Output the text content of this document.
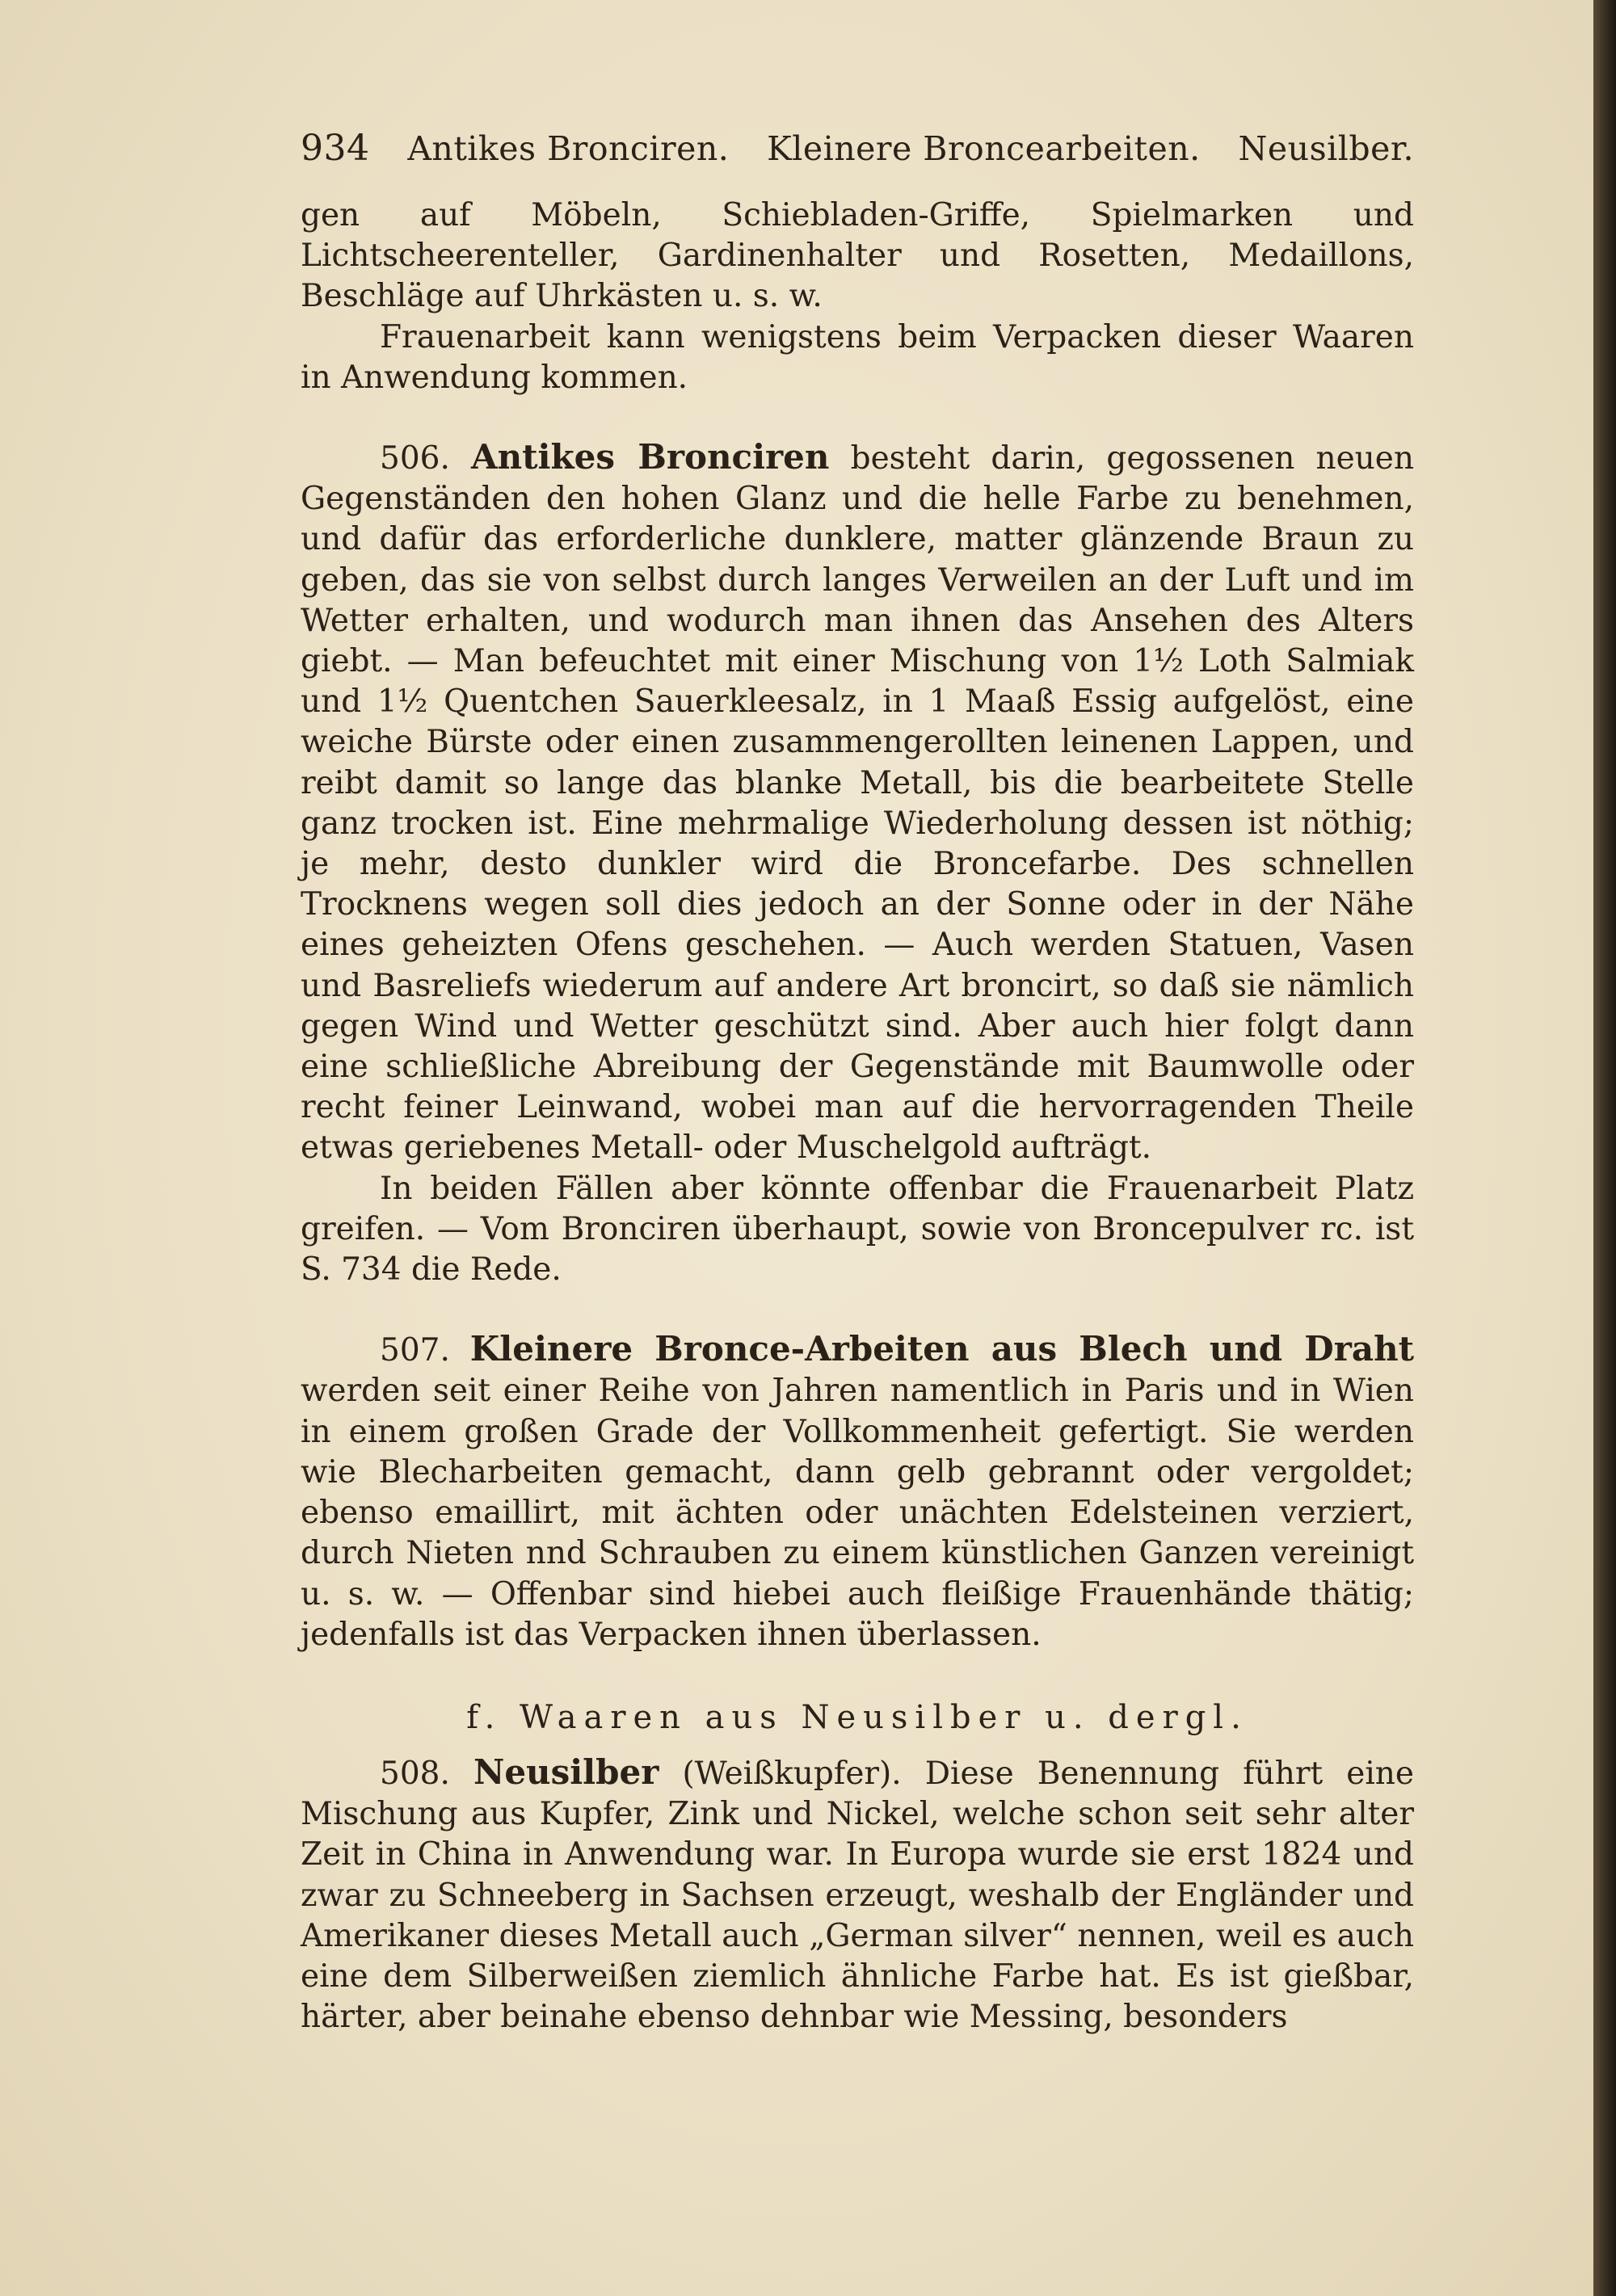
934 Antikes Bronciren. Kleinere Broncearbeiten. Neusilber.

gen auf Möbeln, Schiebladen-Griffe, Spielmarken und Lichtscheerenteller, Gardinenhalter und Rosetten, Medaillons, Beschläge auf Uhrkästen u. s. w.

Frauenarbeit kann wenigstens beim Verpacken dieser Waaren in Anwendung kommen.

506. Antikes Bronciren besteht darin, gegossenen neuen Gegenständen den hohen Glanz und die helle Farbe zu benehmen, und dafür das erforderliche dunklere, matter glänzende Braun zu geben, das sie von selbst durch langes Verweilen an der Luft und im Wetter erhalten, und wodurch man ihnen das Ansehen des Alters giebt. — Man befeuchtet mit einer Mischung von 1½ Loth Salmiak und 1½ Quentchen Sauerkleesalz, in 1 Maaß Essig aufgelöst, eine weiche Bürste oder einen zusammengerollten leinenen Lappen, und reibt damit so lange das blanke Metall, bis die bearbeitete Stelle ganz trocken ist. Eine mehrmalige Wiederholung dessen ist nöthig; je mehr, desto dunkler wird die Broncefarbe. Des schnellen Trocknens wegen soll dies jedoch an der Sonne oder in der Nähe eines geheizten Ofens geschehen. — Auch werden Statuen, Vasen und Basreliefs wiederum auf andere Art broncirt, so daß sie nämlich gegen Wind und Wetter geschützt sind. Aber auch hier folgt dann eine schließliche Abreibung der Gegenstände mit Baumwolle oder recht feiner Leinwand, wobei man auf die hervorragenden Theile etwas geriebenes Metall- oder Muschelgold aufträgt.

In beiden Fällen aber könnte offenbar die Frauenarbeit Platz greifen. — Vom Bronciren überhaupt, sowie von Broncepulver rc. ist S. 734 die Rede.

507. Kleinere Bronce-Arbeiten aus Blech und Draht werden seit einer Reihe von Jahren namentlich in Paris und in Wien in einem großen Grade der Vollkommenheit gefertigt. Sie werden wie Blecharbeiten gemacht, dann gelb gebrannt oder vergoldet; ebenso emaillirt, mit ächten oder unächten Edelsteinen verziert, durch Nieten nnd Schrauben zu einem künstlichen Ganzen vereinigt u. s. w. — Offenbar sind hiebei auch fleißige Frauenhände thätig; jedenfalls ist das Verpacken ihnen überlassen.

f. Waaren aus Neusilber u. dergl.

508. Neusilber (Weißkupfer). Diese Benennung führt eine Mischung aus Kupfer, Zink und Nickel, welche schon seit sehr alter Zeit in China in Anwendung war. In Europa wurde sie erst 1824 und zwar zu Schneeberg in Sachsen erzeugt, weshalb der Engländer und Amerikaner dieses Metall auch „German silver“ nennen, weil es auch eine dem Silberweißen ziemlich ähnliche Farbe hat. Es ist gießbar, härter, aber beinahe ebenso dehnbar wie Messing, besonders
